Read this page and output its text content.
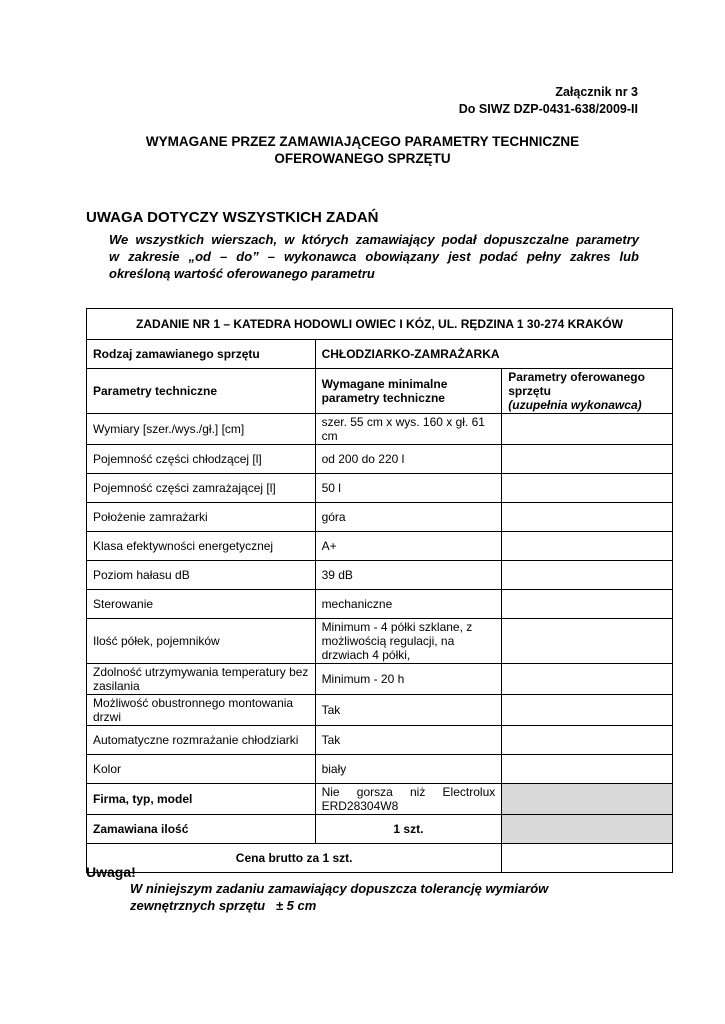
Załącznik nr 3
Do SIWZ DZP-0431-638/2009-II
WYMAGANE PRZEZ ZAMAWIAJĄCEGO PARAMETRY TECHNICZNE
OFEROWANEGO SPRZĘTU
UWAGA DOTYCZY WSZYSTKICH ZADAŃ
We wszystkich wierszach, w których zamawiający podał dopuszczalne parametry
w zakresie „od – do” – wykonawca obowiązany jest podać pełny zakres lub
określoną wartość oferowanego parametru
ZADANIE NR 1 – KATEDRA HODOWLI OWIEC I KÓZ, UL. RĘDZINA 1 30-274 KRAKÓW		
Rodzaj zamawianego sprzętu	CHŁODZIARKO-ZAMRAŻARKA	
Parametry techniczne	Wymagane minimalne parametry techniczne	Parametry oferowanego sprzętu
(uzupełnia wykonawca)

Wymiary [szer./wys./gł.] [cm]	szer. 55 cm x wys. 160 x gł. 61 cm	
Pojemność części chłodzącej [l]	od 200 do 220 l	
Pojemność części zamrażającej [l]	50 l	
Położenie zamrażarki	góra	
Klasa efektywności energetycznej	A+	
Poziom hałasu dB	39 dB	
Sterowanie	mechaniczne	
Ilość półek, pojemników	Minimum - 4 półki szklane, z możliwością regulacji, na drzwiach 4 półki,	
Zdolność utrzymywania temperatury bez zasilania	Minimum - 20 h	
Możliwość obustronnego montowania drzwi	Tak	
Automatyczne rozmrażanie chłodziarki	Tak	
Kolor	biały	
Firma, typ, model	Nie gorsza niż Electrolux
ERD28304W8	
Zamawiana ilość	1 szt.	
Cena brutto za 1 szt.		
Uwaga!
W niniejszym zadaniu zamawiający dopuszcza tolerancję wymiarów
zewnętrznych sprzętu   ± 5 cm
